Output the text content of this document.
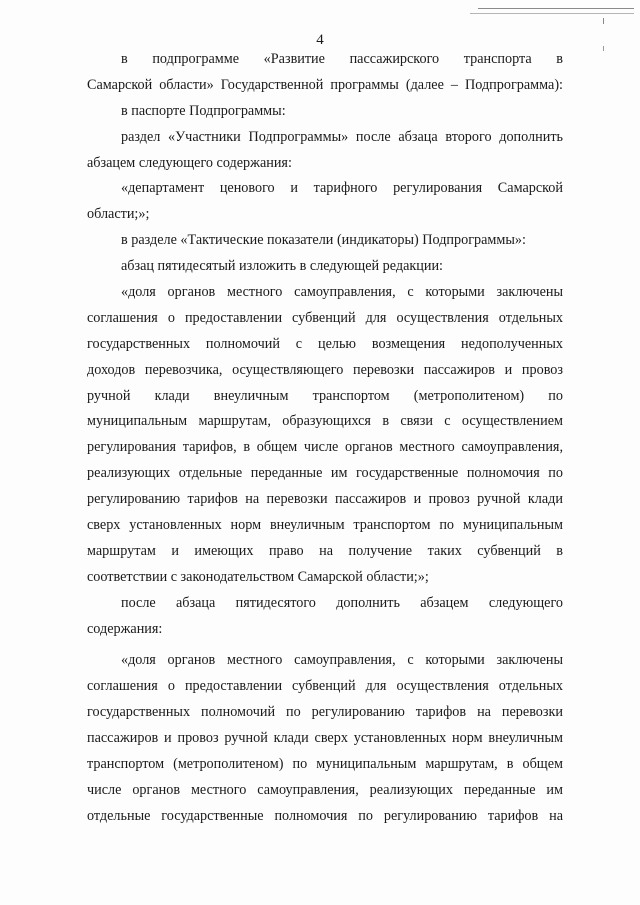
4
в подпрограмме «Развитие пассажирского транспорта в
Самарской области» Государственной программы (далее – Подпрограмма):
в паспорте Подпрограммы:
раздел «Участники Подпрограммы» после абзаца второго дополнить
абзацем следующего содержания:
«департамент ценового и тарифного регулирования Самарской
области;»;
в разделе «Тактические показатели (индикаторы) Подпрограммы»:
абзац пятидесятый изложить в следующей редакции:
«доля органов местного самоуправления, с которыми заключены
соглашения о предоставлении субвенций для осуществления отдельных
государственных полномочий с целью возмещения недополученных
доходов перевозчика, осуществляющего перевозки пассажиров и провоз
ручной клади внеуличным транспортом (метрополитеном) по
муниципальным маршрутам, образующихся в связи с осуществлением
регулирования тарифов, в общем числе органов местного самоуправления,
реализующих отдельные переданные им государственные полномочия по
регулированию тарифов на перевозки пассажиров и провоз ручной клади
сверх установленных норм внеуличным транспортом по муниципальным
маршрутам и имеющих право на получение таких субвенций в
соответствии с законодательством Самарской области;»;
после абзаца пятидесятого дополнить абзацем следующего
содержания:
«доля органов местного самоуправления, с которыми заключены
соглашения о предоставлении субвенций для осуществления отдельных
государственных полномочий по регулированию тарифов на перевозки
пассажиров и провоз ручной клади сверх установленных норм внеуличным
транспортом (метрополитеном) по муниципальным маршрутам, в общем
числе органов местного самоуправления, реализующих переданные им
отдельные государственные полномочия по регулированию тарифов на
